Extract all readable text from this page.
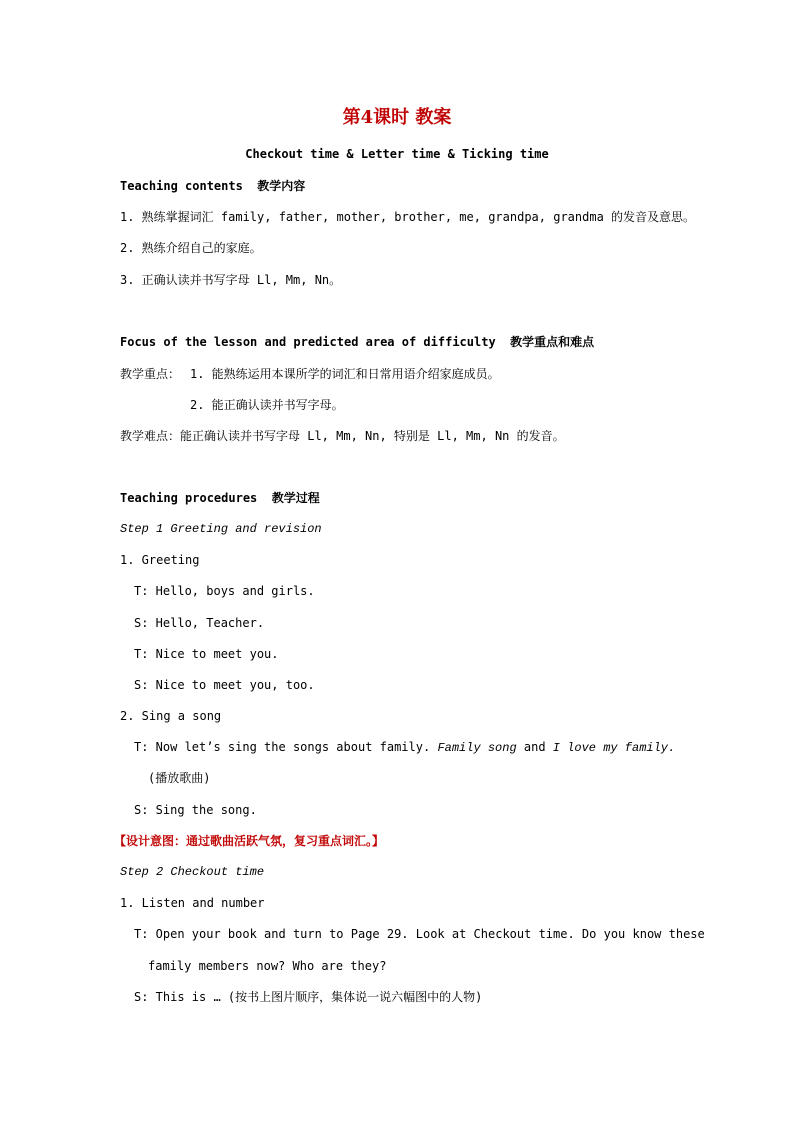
第4课时 教案
Checkout time & Letter time & Ticking time
Teaching contents  教学内容
1. 熟练掌握词汇 family, father, mother, brother, me, grandpa, grandma 的发音及意思。
2. 熟练介绍自己的家庭。
3. 正确认读并书写字母 Ll, Mm, Nn。
Focus of the lesson and predicted area of difficulty  教学重点和难点
教学重点： 1. 能熟练运用本课所学的词汇和日常用语介绍家庭成员。
2. 能正确认读并书写字母。
教学难点：能正确认读并书写字母 Ll, Mm, Nn, 特别是 Ll, Mm, Nn 的发音。
Teaching procedures  教学过程
Step 1 Greeting and revision
1. Greeting
T: Hello, boys and girls.
S: Hello, Teacher.
T: Nice to meet you.
S: Nice to meet you, too.
2. Sing a song
T: Now let’s sing the songs about family. Family song and I love my family.
(播放歌曲)
S: Sing the song.
【设计意图：通过歌曲活跃气氛，复习重点词汇。】
Step 2 Checkout time
1. Listen and number
T: Open your book and turn to Page 29. Look at Checkout time. Do you know these
family members now? Who are they?
S: This is … (按书上图片顺序，集体说一说六幅图中的人物)
